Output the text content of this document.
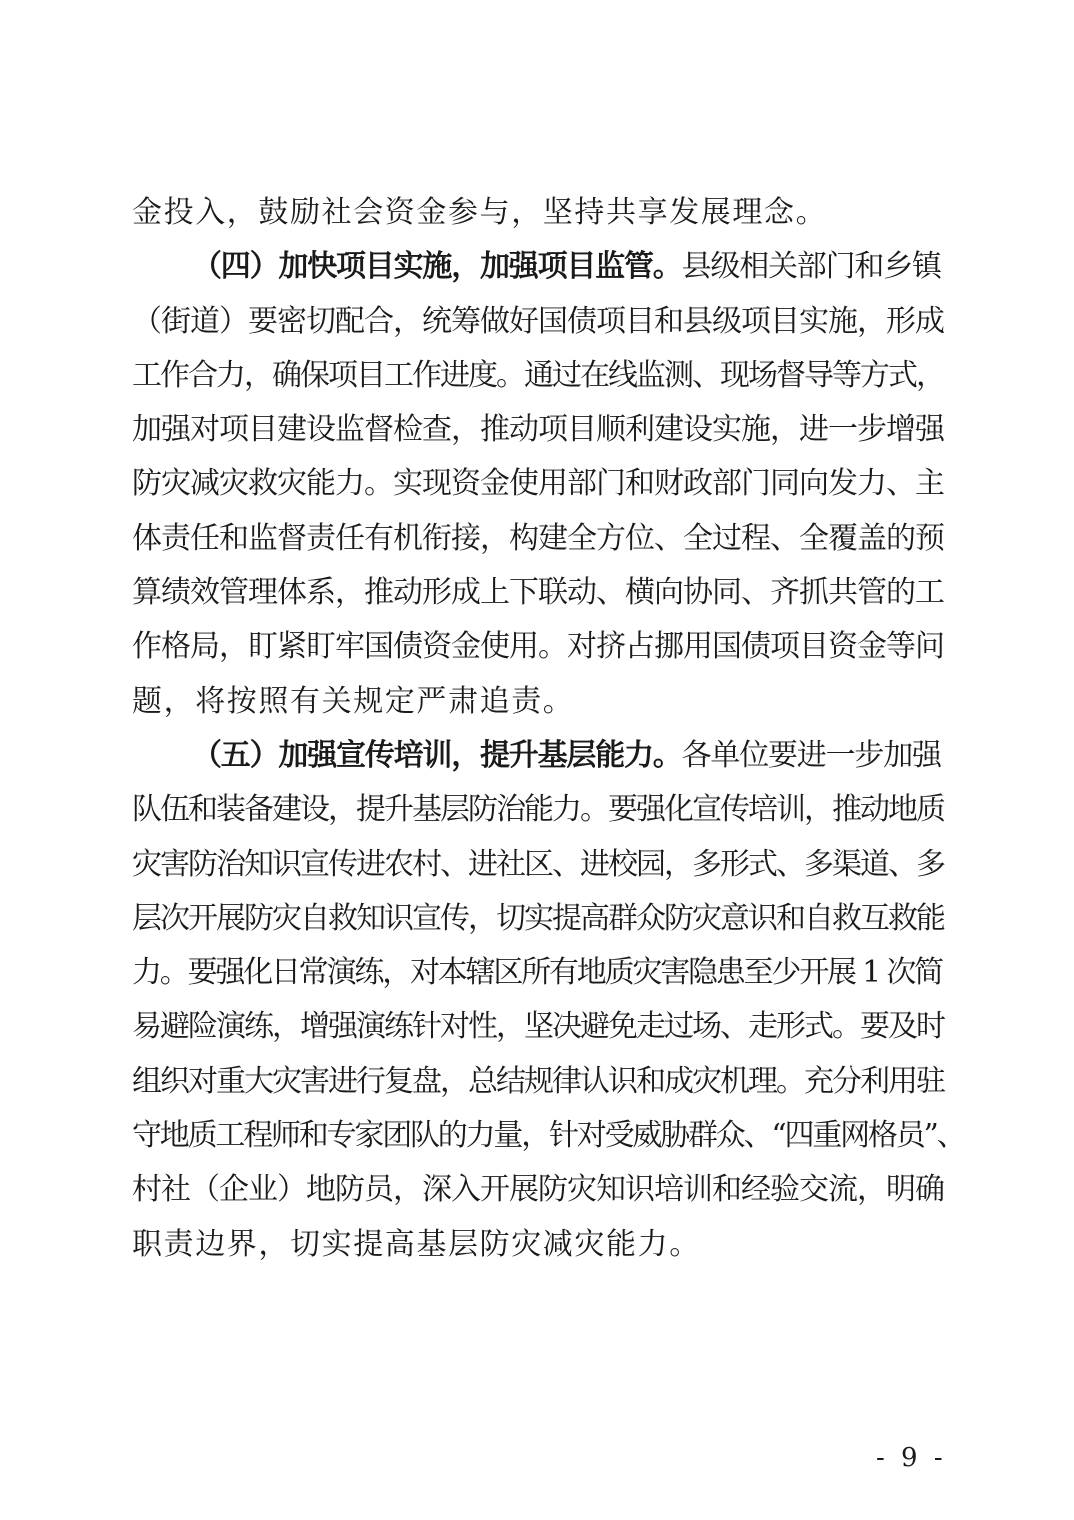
金投入，鼓励社会资金参与，坚持共享发展理念。
（四）加快项目实施，加强项目监管。县级相关部门和乡镇
（街道）要密切配合，统筹做好国债项目和县级项目实施，形成
工作合力，确保项目工作进度。通过在线监测、现场督导等方式，
加强对项目建设监督检查，推动项目顺利建设实施，进一步增强
防灾减灾救灾能力。实现资金使用部门和财政部门同向发力、主
体责任和监督责任有机衔接，构建全方位、全过程、全覆盖的预
算绩效管理体系，推动形成上下联动、横向协同、齐抓共管的工
作格局，盯紧盯牢国债资金使用。对挤占挪用国债项目资金等问
题，将按照有关规定严肃追责。
（五）加强宣传培训，提升基层能力。各单位要进一步加强
队伍和装备建设，提升基层防治能力。要强化宣传培训，推动地质
灾害防治知识宣传进农村、进社区、进校园，多形式、多渠道、多
层次开展防灾自救知识宣传，切实提高群众防灾意识和自救互救能
力。要强化日常演练，对本辖区所有地质灾害隐患至少开展 1 次简
易避险演练，增强演练针对性，坚决避免走过场、走形式。要及时
组织对重大灾害进行复盘，总结规律认识和成灾机理。充分利用驻
守地质工程师和专家团队的力量，针对受威胁群众、“四重网格员”、
村社（企业）地防员，深入开展防灾知识培训和经验交流，明确
职责边界，切实提高基层防灾减灾能力。
- 9 -
